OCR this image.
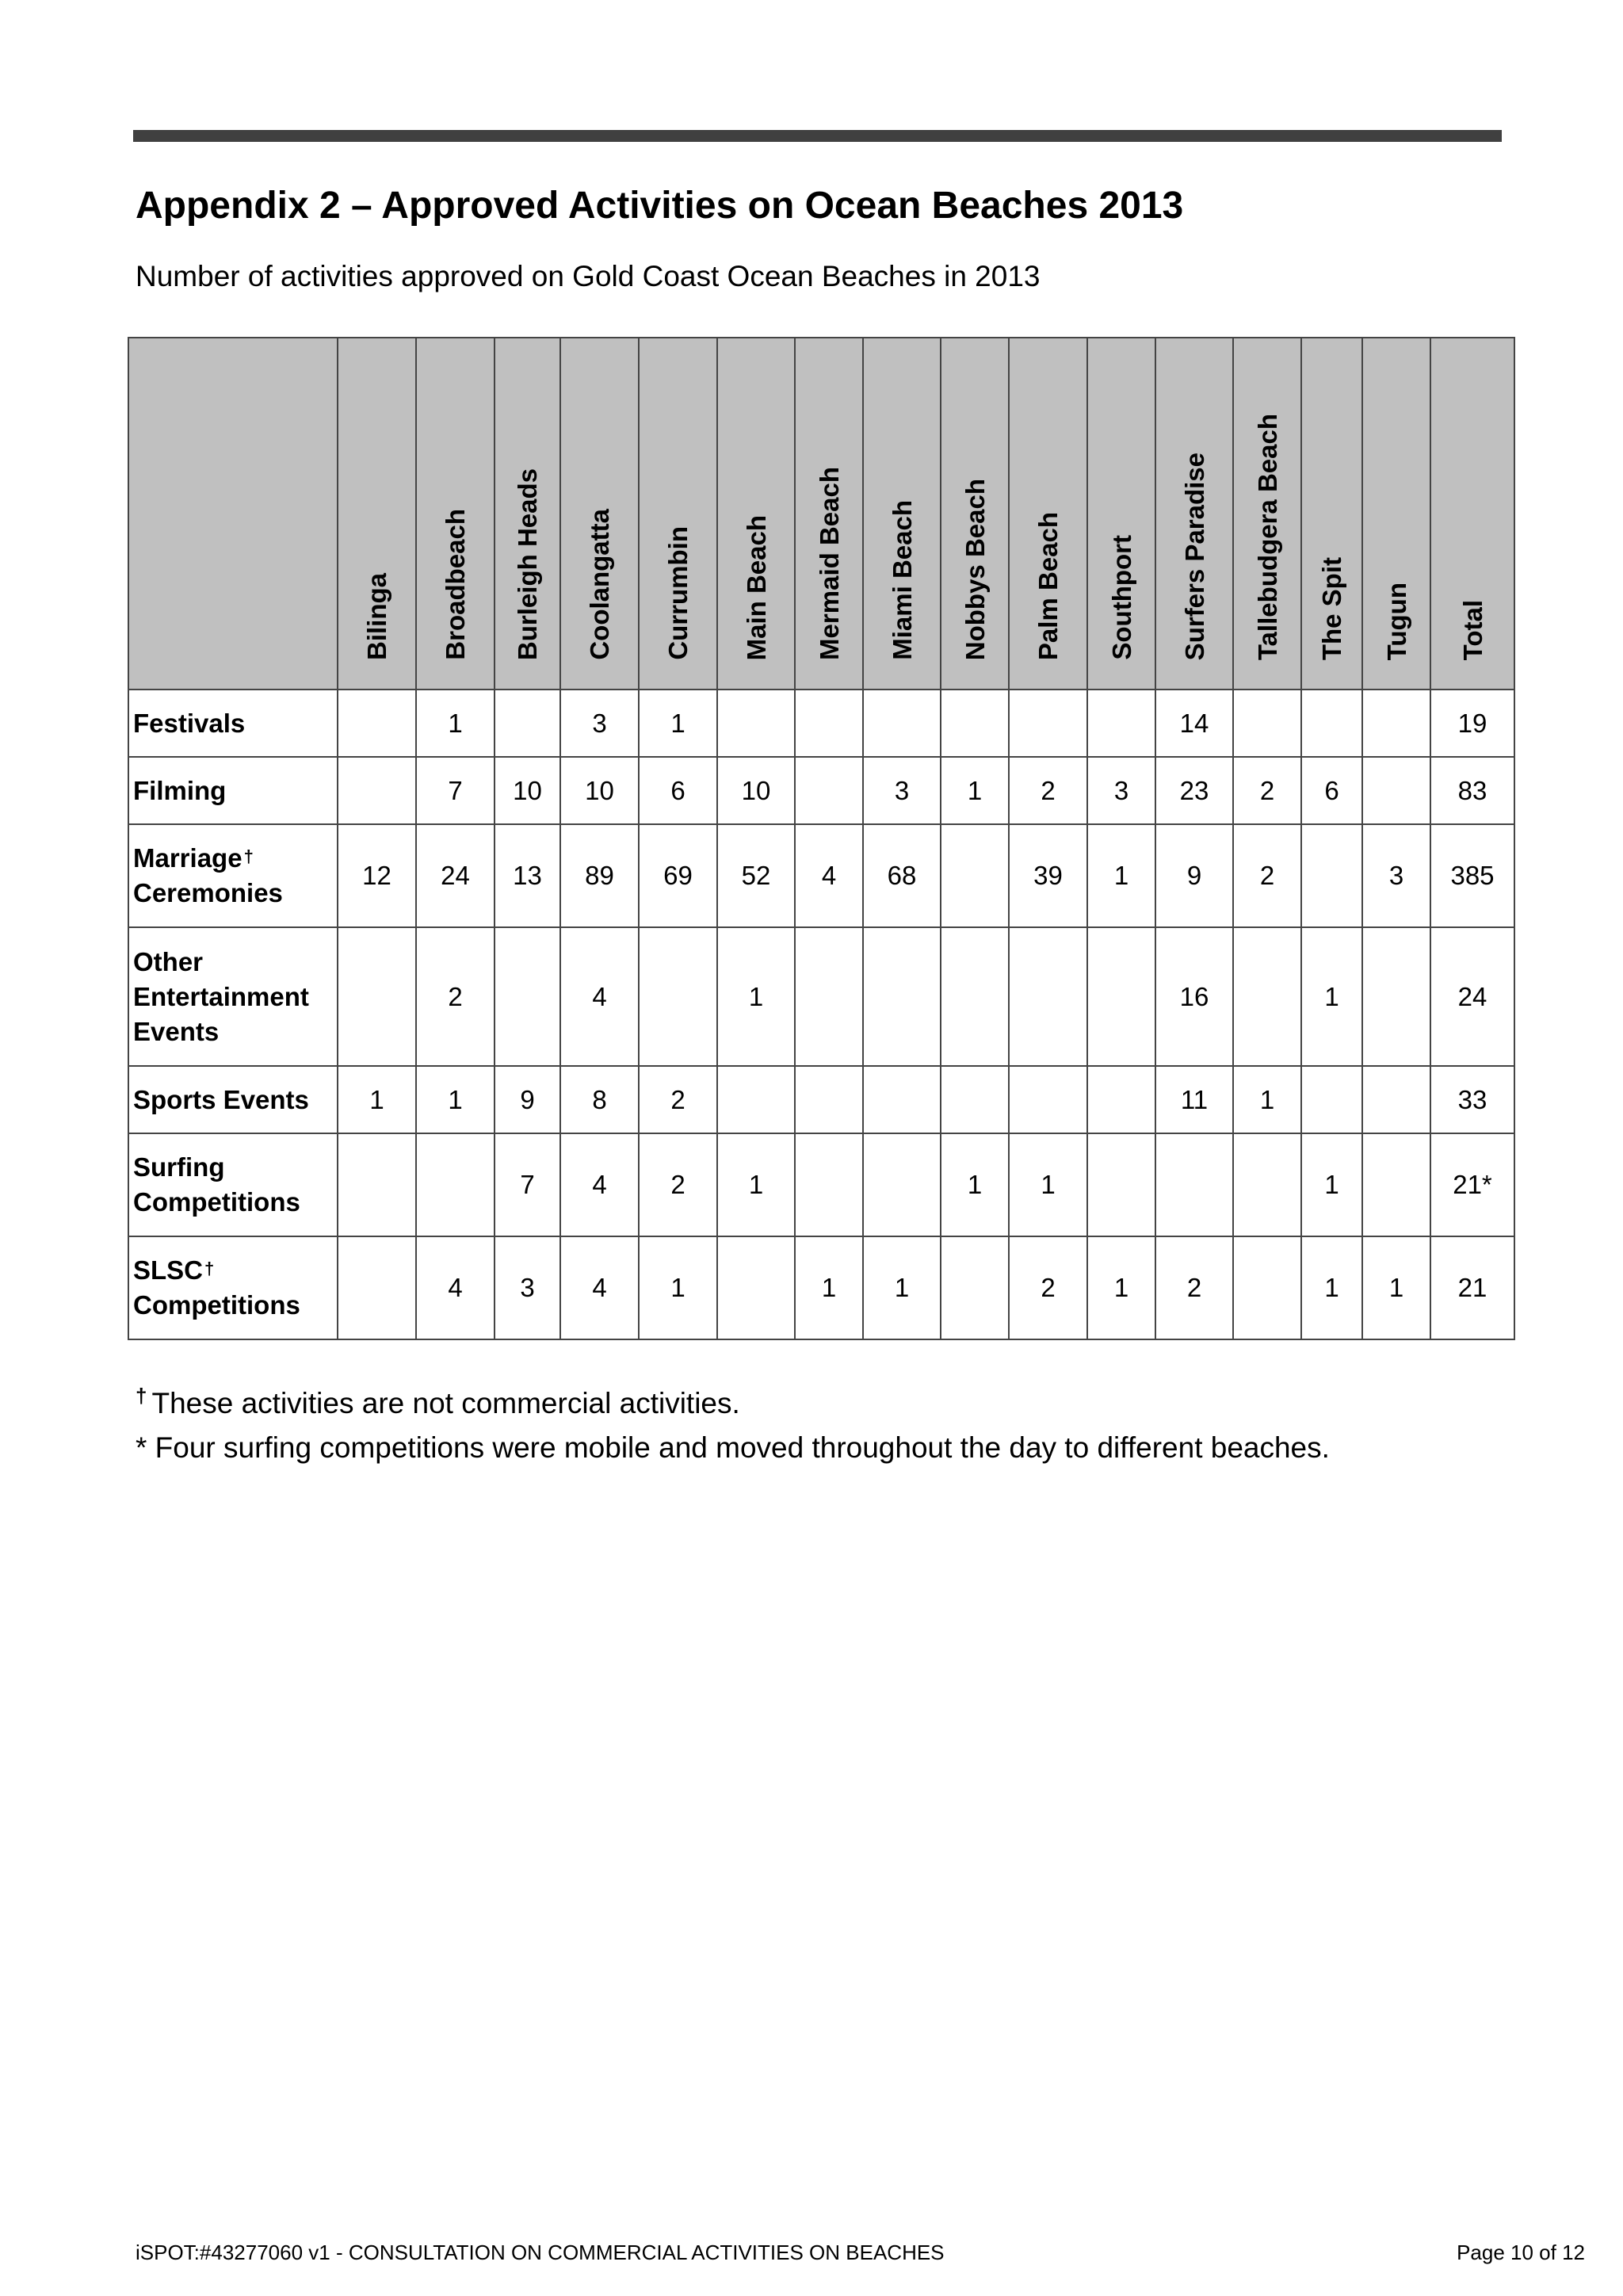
Appendix 2 – Approved Activities on Ocean Beaches 2013

Number of activities approved on Gold Coast Ocean Beaches in 2013

	Bilinga	Broadbeach	Burleigh Heads	Coolangatta	Currumbin	Main Beach	Mermaid Beach	Miami Beach	Nobbys Beach	Palm Beach	Southport	Surfers Paradise	Tallebudgera Beach	The Spit	Tugun	Total

Festivals		1		3	1							14				19

Filming		7	10	10	6	10		3	1	2	3	23	2	6		83

Marriage†
Ceremonies	12	24	13	89	69	52	4	68		39	1	9	2		3	385

Other
Entertainment
Events		2		4		1						16		1		24

Sports Events	1	1	9	8	2							11	1			33

Surfing
Competitions			7	4	2	1			1	1				1		21*

SLSC†
Competitions		4	3	4	1		1	1		2	1	2		1	1	21

† These activities are not commercial activities.

* Four surfing competitions were mobile and moved throughout the day to different beaches.

iSPOT:#43277060 v1 - CONSULTATION ON COMMERCIAL ACTIVITIES ON BEACHES	Page 10 of 12
